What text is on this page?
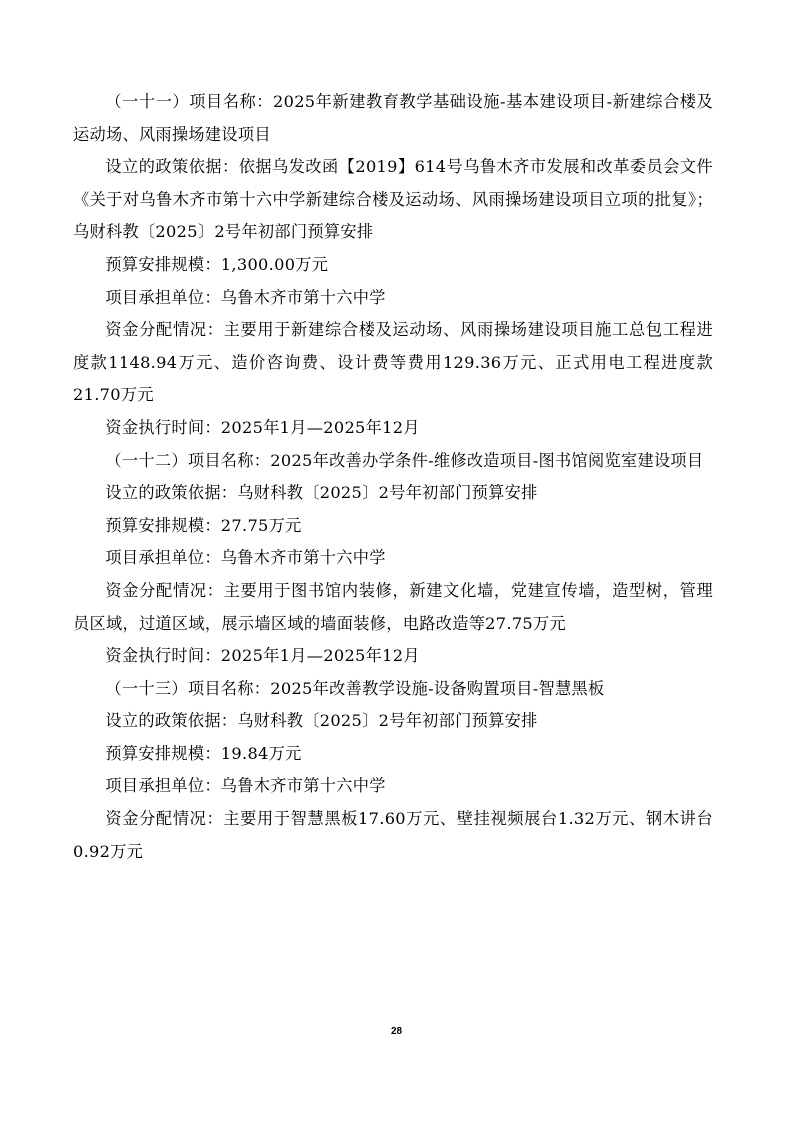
（一十一）项目名称：2025年新建教育教学基础设施-基本建设项目-新建综合楼及运动场、风雨操场建设项目

设立的政策依据：依据乌发改函【2019】614号乌鲁木齐市发展和改革委员会文件《关于对乌鲁木齐市第十六中学新建综合楼及运动场、风雨操场建设项目立项的批复》；乌财科教〔2025〕2号年初部门预算安排

预算安排规模：1,300.00万元

项目承担单位：乌鲁木齐市第十六中学

资金分配情况：主要用于新建综合楼及运动场、风雨操场建设项目施工总包工程进度款1148.94万元、造价咨询费、设计费等费用129.36万元、正式用电工程进度款21.70万元

资金执行时间：2025年1月—2025年12月

（一十二）项目名称：2025年改善办学条件-维修改造项目-图书馆阅览室建设项目

设立的政策依据：乌财科教〔2025〕2号年初部门预算安排

预算安排规模：27.75万元

项目承担单位：乌鲁木齐市第十六中学

资金分配情况：主要用于图书馆内装修，新建文化墙，党建宣传墙，造型树，管理员区域，过道区域，展示墙区域的墙面装修，电路改造等27.75万元

资金执行时间：2025年1月—2025年12月

（一十三）项目名称：2025年改善教学设施-设备购置项目-智慧黑板

设立的政策依据：乌财科教〔2025〕2号年初部门预算安排

预算安排规模：19.84万元

项目承担单位：乌鲁木齐市第十六中学

资金分配情况：主要用于智慧黑板17.60万元、壁挂视频展台1.32万元、钢木讲台0.92万元

28
